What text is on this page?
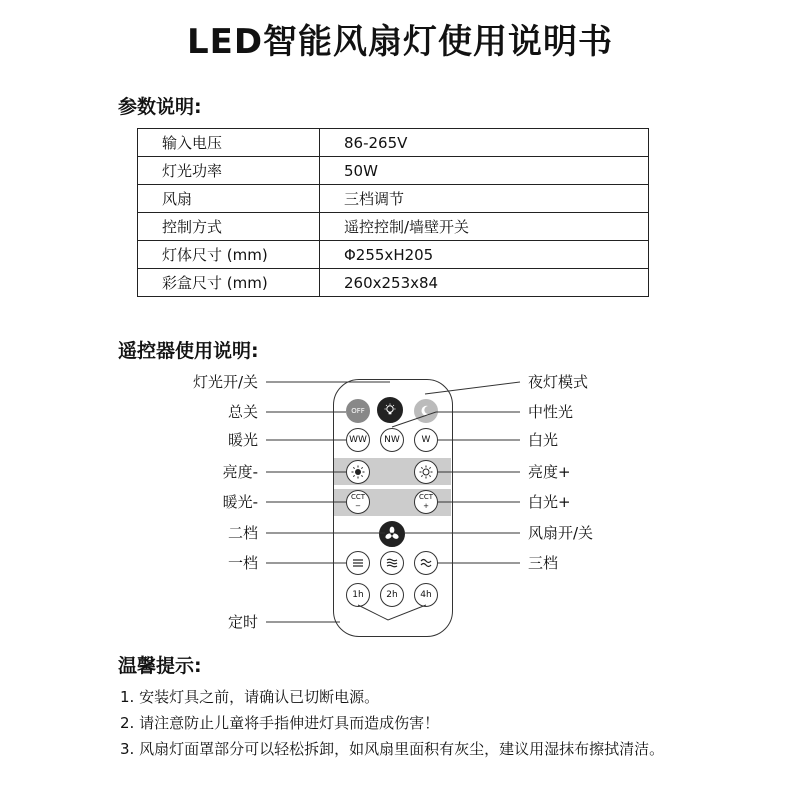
LED智能风扇灯使用说明书
参数说明:
输入电压	86-265V
灯光功率	50W
风扇	三档调节
控制方式	遥控控制/墙壁开关
灯体尺寸 (mm)	Φ255xH205
彩盒尺寸 (mm)	260x253x84
遥控器使用说明:
OFF
WW NW W
CCT
−
CCT
+
1h	2h	4h
灯光开/关
总关
暖光
亮度-
暖光-
二档
一档
定时
夜灯模式
中性光
白光
亮度+
白光+
风扇开/关
三档
温馨提示:
1. 安装灯具之前，请确认已切断电源。
2. 请注意防止儿童将手指伸进灯具而造成伤害！
3. 风扇灯面罩部分可以轻松拆卸，如风扇里面积有灰尘，建议用湿抹布擦拭清洁。
